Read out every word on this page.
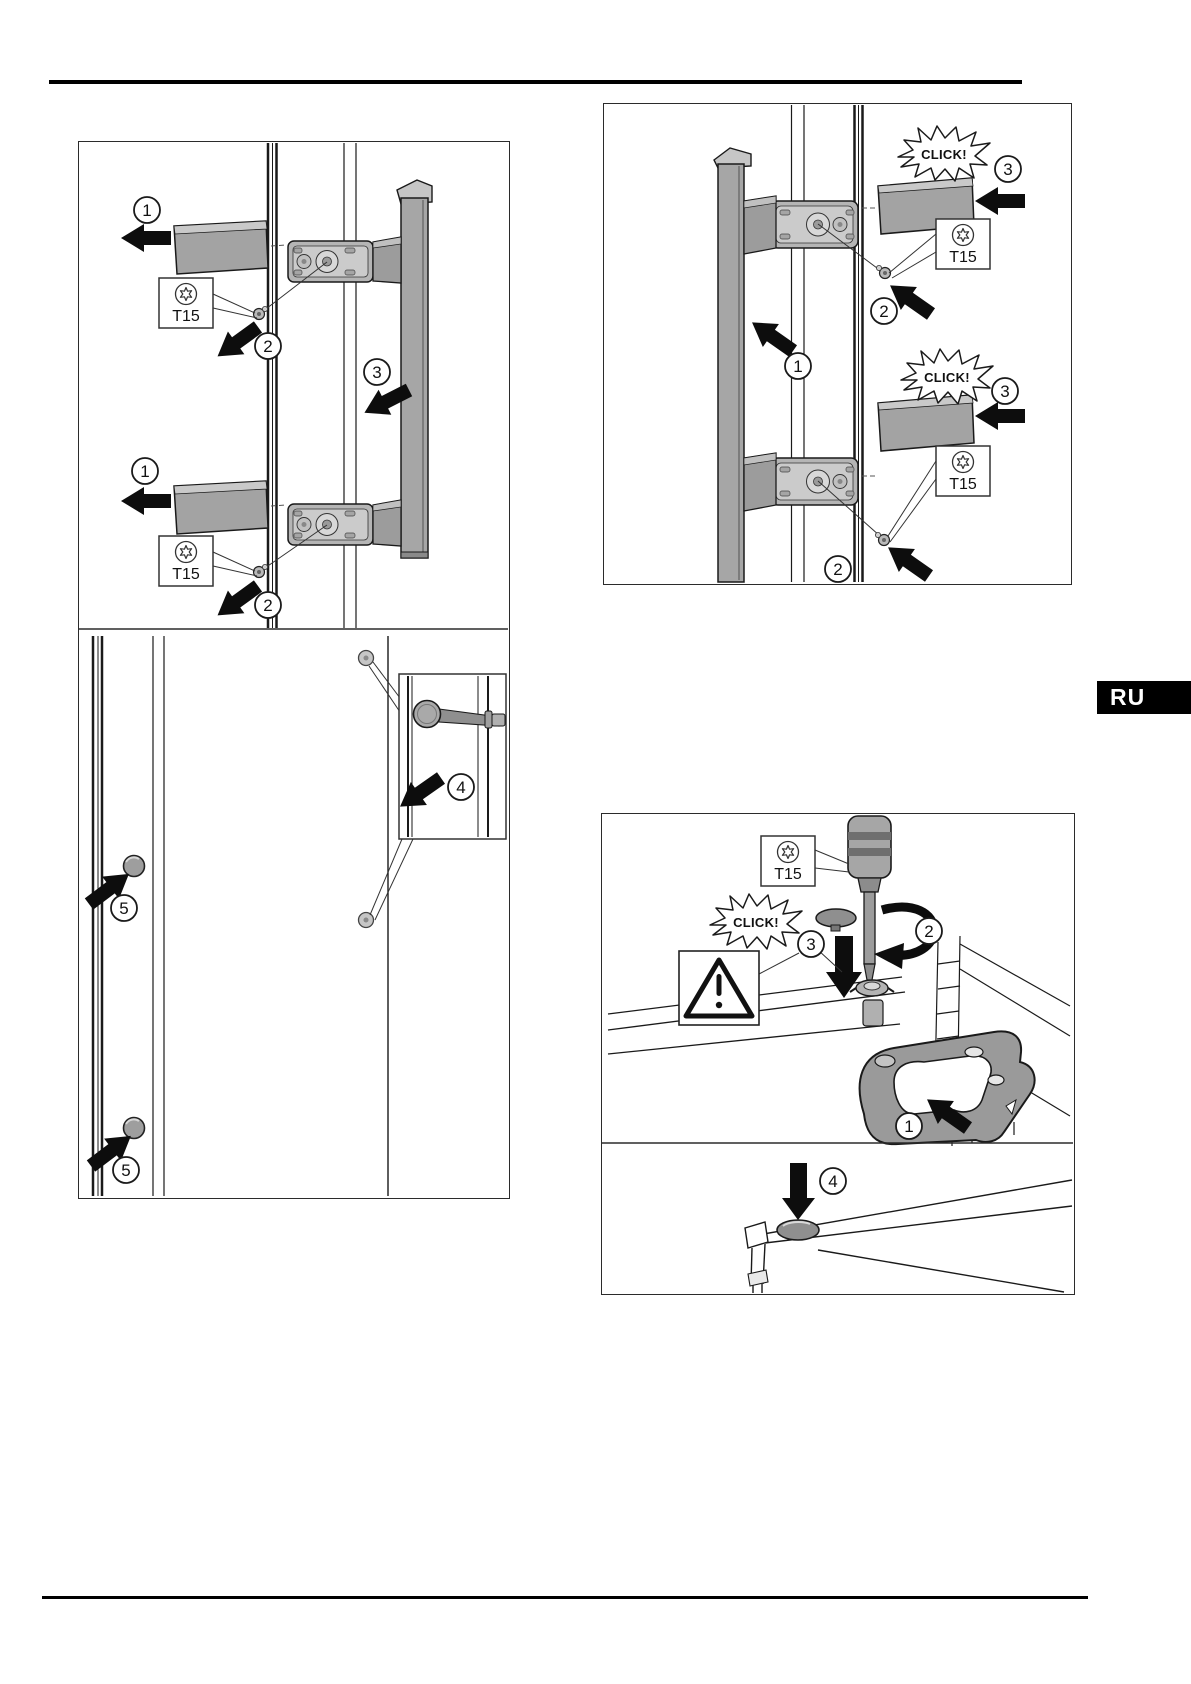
RU
T15
T15
1
2
3
1
2
4
5
5
T15
T15
CLICK!
CLICK!
3
2
1
3
2
CLICK!
T15
2
3
1
4
